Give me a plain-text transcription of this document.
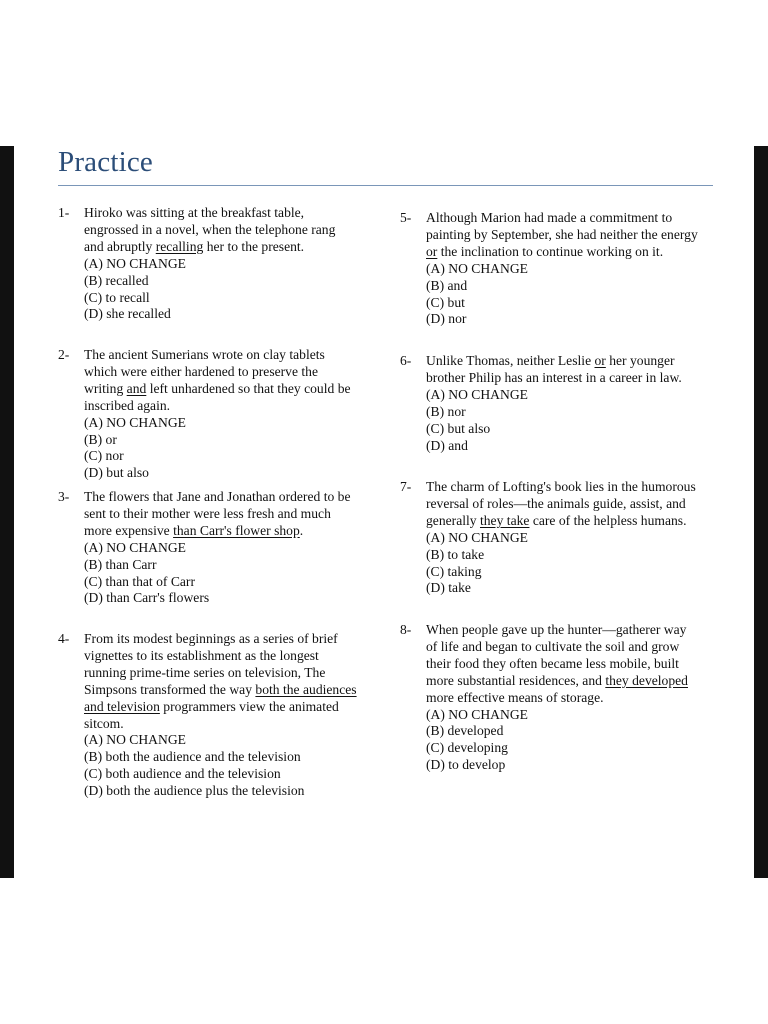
Practice
1- Hiroko was sitting at the breakfast table, engrossed in a novel, when the telephone rang and abruptly recalling her to the present.

(A) NO CHANGE
(B) recalled
(C) to recall
(D) she recalled
2- The ancient Sumerians wrote on clay tablets which were either hardened to preserve the writing and left unhardened so that they could be inscribed again.

(A) NO CHANGE
(B) or
(C) nor
(D) but also
3- The flowers that Jane and Jonathan ordered to be sent to their mother were less fresh and much more expensive than Carr's flower shop.

(A) NO CHANGE
(B) than Carr
(C) than that of Carr
(D) than Carr's flowers
4- From its modest beginnings as a series of brief vignettes to its establishment as the longest running prime-time series on television, The Simpsons transformed the way both the audiences and television programmers view the animated sitcom.

(A) NO CHANGE
(B) both the audience and the television
(C) both audience and the television
(D) both the audience plus the television
5- Although Marion had made a commitment to painting by September, she had neither the energy or the inclination to continue working on it.

(A) NO CHANGE
(B) and
(C) but
(D) nor
6- Unlike Thomas, neither Leslie or her younger brother Philip has an interest in a career in law.

(A) NO CHANGE
(B) nor
(C) but also
(D) and
7- The charm of Lofting's book lies in the humorous reversal of roles—the animals guide, assist, and generally they take care of the helpless humans.

(A) NO CHANGE
(B) to take
(C) taking
(D) take
8- When people gave up the hunter—gatherer way of life and began to cultivate the soil and grow their food they often became less mobile, built more substantial residences, and they developed more effective means of storage.

(A) NO CHANGE
(B) developed
(C) developing
(D) to develop
